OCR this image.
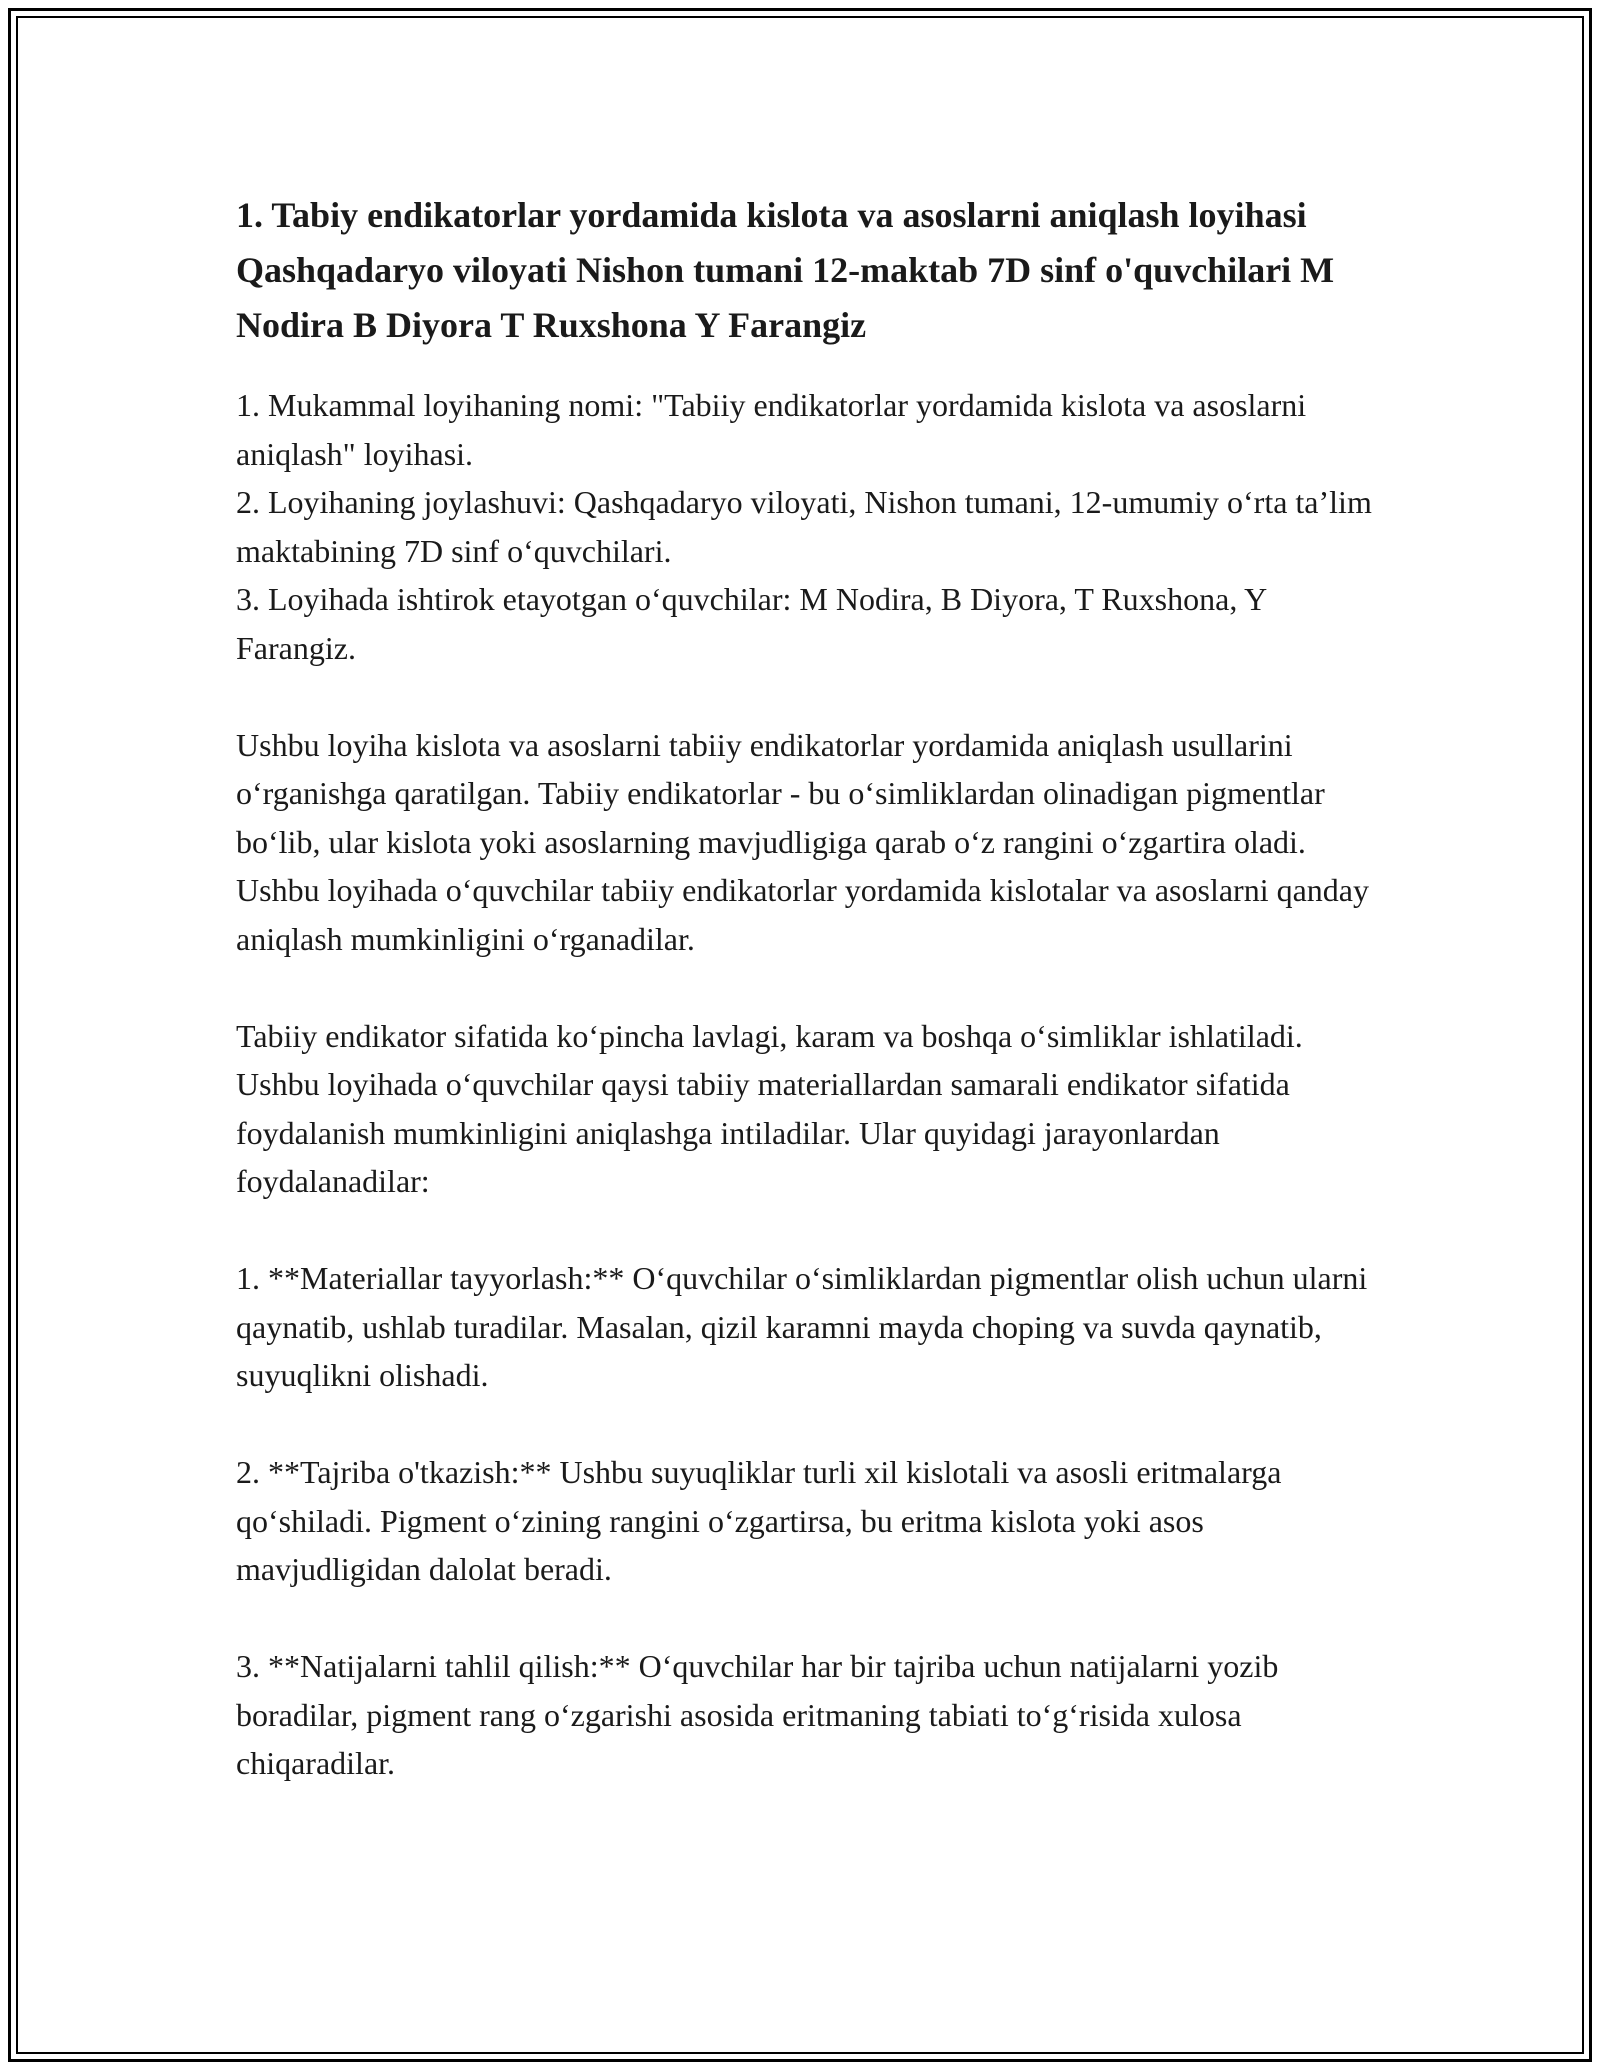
1. Tabiy endikatorlar yordamida kislota va asoslarni aniqlash loyihasi Qashqadaryo viloyati Nishon tumani 12-maktab 7D sinf o'quvchilari M Nodira B Diyora T Ruxshona Y Farangiz

1. Mukammal loyihaning nomi: "Tabiiy endikatorlar yordamida kislota va asoslarni aniqlash" loyihasi.

2. Loyihaning joylashuvi: Qashqadaryo viloyati, Nishon tumani, 12-umumiy o‘rta ta’lim maktabining 7D sinf o‘quvchilari.

3. Loyihada ishtirok etayotgan o‘quvchilar: M Nodira, B Diyora, T Ruxshona, Y Farangiz.

Ushbu loyiha kislota va asoslarni tabiiy endikatorlar yordamida aniqlash usullarini o‘rganishga qaratilgan. Tabiiy endikatorlar - bu o‘simliklardan olinadigan pigmentlar bo‘lib, ular kislota yoki asoslarning mavjudligiga qarab o‘z rangini o‘zgartira oladi. Ushbu loyihada o‘quvchilar tabiiy endikatorlar yordamida kislotalar va asoslarni qanday aniqlash mumkinligini o‘rganadilar.

Tabiiy endikator sifatida ko‘pincha lavlagi, karam va boshqa o‘simliklar ishlatiladi. Ushbu loyihada o‘quvchilar qaysi tabiiy materiallardan samarali endikator sifatida foydalanish mumkinligini aniqlashga intiladilar. Ular quyidagi jarayonlardan foydalanadilar:

1. **Materiallar tayyorlash:** O‘quvchilar o‘simliklardan pigmentlar olish uchun ularni qaynatib, ushlab turadilar. Masalan, qizil karamni mayda choping va suvda qaynatib, suyuqlikni olishadi.

2. **Tajriba o'tkazish:** Ushbu suyuqliklar turli xil kislotali va asosli eritmalarga qo‘shiladi. Pigment o‘zining rangini o‘zgartirsa, bu eritma kislota yoki asos mavjudligidan dalolat beradi.

3. **Natijalarni tahlil qilish:** O‘quvchilar har bir tajriba uchun natijalarni yozib boradilar, pigment rang o‘zgarishi asosida eritmaning tabiati to‘g‘risida xulosa chiqaradilar.
